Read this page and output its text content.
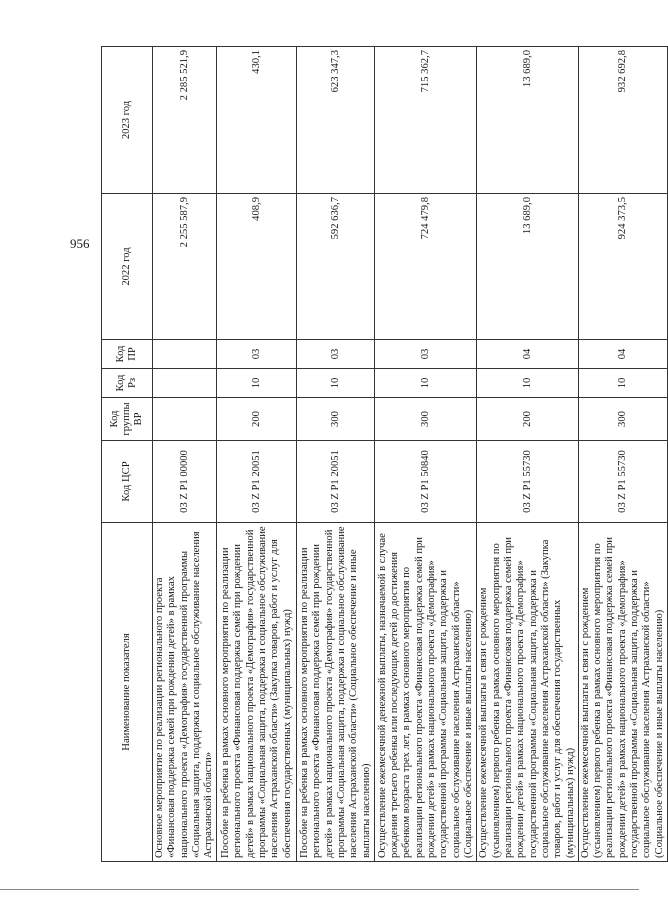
956
Наименование показателя	Код ЦСР	Код группы ВР	Код Рз	Код ПР	2022 год	2023 год
Основное мероприятие по реализации регионального проекта «Финансовая поддержка семей при рождении детей» в рамках национального проекта «Демография» государственной программы «Социальная защита, поддержка и социальное обслуживание населения Астраханской области»	03 Z P1 00000				2 255 587,9	2 285 521,9
Пособие на ребенка в рамках основного мероприятия по реализации регионального проекта «Финансовая поддержка семей при рождении детей» в рамках национального проекта «Демография» государственной программы «Социальная защита, поддержка и социальное обслуживание населения Астраханской области» (Закупка товаров, работ и услуг для обеспечения государственных (муниципальных) нужд)	03 Z P1 20051	200	10	03	408,9	430,1
Пособие на ребенка в рамках основного мероприятия по реализации регионального проекта «Финансовая поддержка семей при рождении детей» в рамках национального проекта «Демография» государственной программы «Социальная защита, поддержка и социальное обслуживание населения Астраханской области» (Социальное обеспечение и иные выплаты населению)	03 Z P1 20051	300	10	03	592 636,7	623 347,3
Осуществление ежемесячной денежной выплаты, назначаемой в случае рождения третьего ребенка или последующих детей до достижения ребенком возраста трех лет, в рамках основного мероприятия по реализации регионального проекта «Финансовая поддержка семей при рождении детей» в рамках национального проекта «Демография» государственной программы «Социальная защита, поддержка и социальное обслуживание населения Астраханской области» (Социальное обеспечение и иные выплаты населению)	03 Z P1 50840	300	10	03	724 479,8	715 362,7
Осуществление ежемесячной выплаты в связи с рождением (усыновлением) первого ребенка в рамках основного мероприятия по реализации регионального проекта «Финансовая поддержка семей при рождении детей» в рамках национального проекта «Демография» государственной программы «Социальная защита, поддержка и социальное обслуживание населения Астраханской области» (Закупка товаров, работ и услуг для обеспечения государственных (муниципальных) нужд)	03 Z P1 55730	200	10	04	13 689,0	13 689,0
Осуществление ежемесячной выплаты в связи с рождением (усыновлением) первого ребенка в рамках основного мероприятия по реализации регионального проекта «Финансовая поддержка семей при рождении детей» в рамках национального проекта «Демография» государственной программы «Социальная защита, поддержка и социальное обслуживание населения Астраханской области» (Социальное обеспечение и иные выплаты населению)	03 Z P1 55730	300	10	04	924 373,5	932 692,8
